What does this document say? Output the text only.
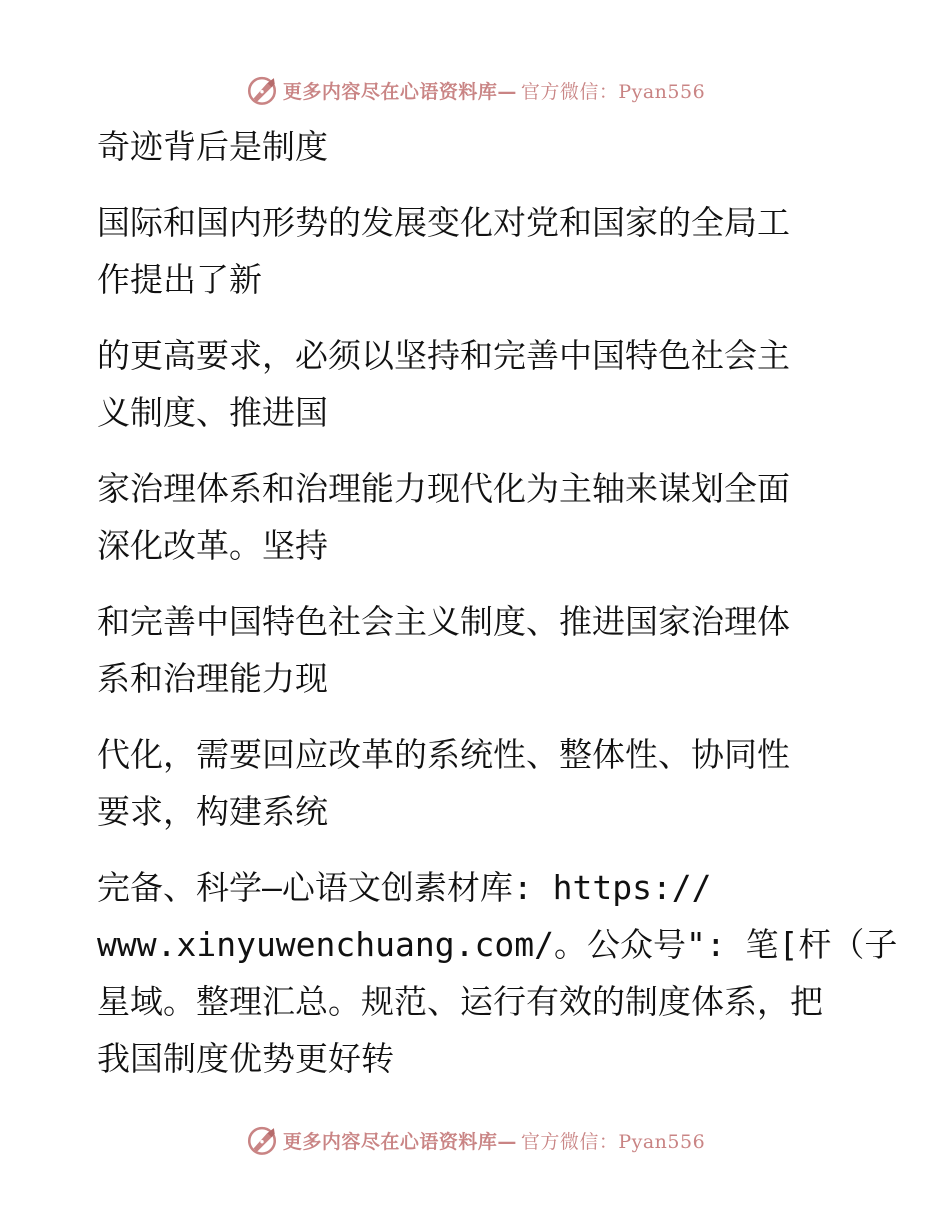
更多内容尽在心语资料库— 官方微信：Pyan556
奇迹背后是制度
国际和国内形势的发展变化对党和国家的全局工
作提出了新
的更高要求，必须以坚持和完善中国特色社会主
义制度、推进国
家治理体系和治理能力现代化为主轴来谋划全面
深化改革。坚持
和完善中国特色社会主义制度、推进国家治理体
系和治理能力现
代化，需要回应改革的系统性、整体性、协同性
要求，构建系统
完备、科学—心语文创素材库: https://
www.xinyuwenchuang.com/。公众号": 笔[杆（子
星域。整理汇总。规范、运行有效的制度体系，把
我国制度优势更好转
更多内容尽在心语资料库— 官方微信：Pyan556
